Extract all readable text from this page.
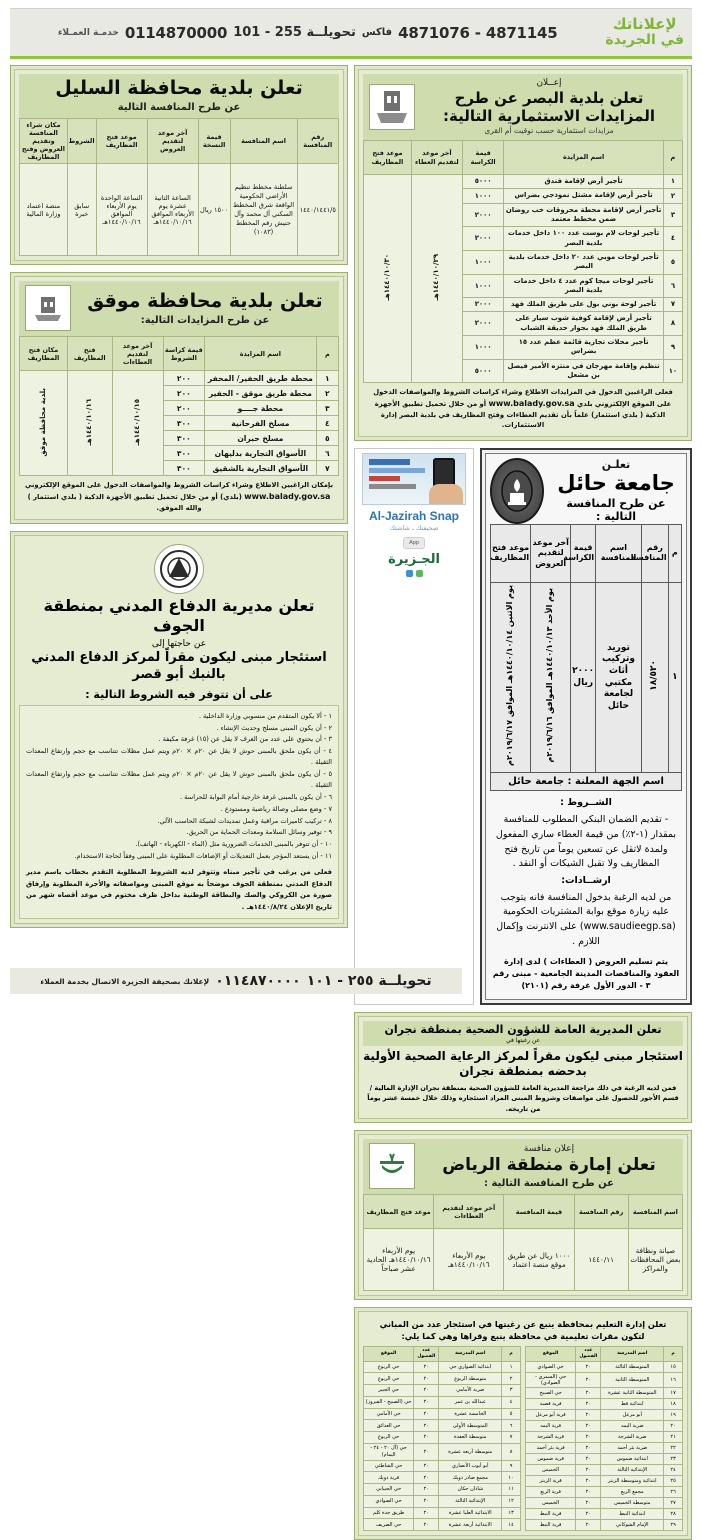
لإعلاناتك
في الجريدة
4871145 - 4871076
فاكس
تحويلــة 255 - 101
0114870000
خدمـة العمـلاء
تعلن بلدية محافظة السليل
عن طرح المنافسة التالية
رقم المنافسة	اسم المنافسة	قيمة النسخة	آخر موعد لتقديم العروض	موعد فتح المظاريف	الشروط	مكان شراء المنافسة وتقديم العروض وفتح المظاريف
١٤٤٠/١٤٤١/٥	سلطنة مخطط تنظيم الأراضي الحكومية الواقعة شرق المخطط السكني آل محمد وآل حنيش رقم المخطط (١٠٨٣)	١٥٠٠ ريال	الساعة الثانية عشرة يوم الأربعاء الموافق ١٤٤٠/١٠/١٦هـ	الساعة الواحدة يوم الأربعاء الموافق ١٤٤٠/١٠/١٦هـ	سابق خبرة	منصة اعتماد وزارة المالية
تعلن بلدية محافظة موقق
عن طرح المزايدات التالية:
م	اسم المزايدة	قيمة كراسة الشروط	آخر موعد لتقديم العطاءات	فتح المظاريف	مكان فتح المظاريف
١	محطة طريق الحفير/ المحفر	٢٠٠	١٤٤٠/١٠/١٥هـ	١٤٤٠/١٠/١٦هـ	بلدية محافظة موقق
٢	محطة طريق موقق - الحفير	٢٠٠			
٣	محطة جــــو	٢٠٠			
٤	مسلخ الفرحانية	٣٠٠			
٥	مسلخ حبران	٣٠٠			
٦	الأسواق التجارية بدليهان	٣٠٠			
٧	الأسواق التجارية بالشقيق	٣٠٠			
بإمكان الراغبين الاطلاع وشراء كراسات الشروط والمواصفات الدخول على الموقع الإلكتروني www.balady.gov.sa (بلدي) أو من خلال تحميل تطبيق الأجهزة الذكية ( بلدي استثمار ) والله الموفق.
تعلن مديرية الدفاع المدني بمنطقة الجوف
عن حاجتها إلى
استئجار مبنى ليكون مقراً لمركز الدفاع المدني بالنبك أبو قصر
على أن تتوفر فيه الشروط التالية :
١ - ألا يكون المتقدم من منسوبي وزارة الداخلية .
٢ - أن يكون المبنى مسلح وحديث الإنشاء .
٣ - أن يحتوي على عدد من الغرف لا يقل عن (١٥) غرفة مكيفة .
٤ - أن يكون ملحق بالمبنى حوش لا يقل عن ٢٠م × ٢٠م ويتم عمل مظلات تتناسب مع حجم وارتفاع المعدات الثقيلة .
٥ - أن يكون ملحق بالمبنى حوش لا يقل عن ٢٠م × ٢٠م ويتم عمل مظلات تتناسب مع حجم وارتفاع المعدات الثقيلة .
٦ - أن يكون بالمبنى غرفة خارجية أمام البوابة للحراسة .
٧ - وضع مصلى وصالة رياضية ومستودع .
٨ - تركيب كاميرات مراقبة وعمل تمديدات لشبكة الحاسب الآلي.
٩ - توفير وسائل السلامة ومعدات الحماية من الحريق.
١٠ - أن تتوفر بالمبنى الخدمات الضرورية مثل (الماء - الكهرباء - الهاتف).
١١ - أن يستعد المؤجر بعمل التعديلات أو الإضافات المطلوبة على المبنى وفقاً لحاجة الاستخدام.
فعلى من يرغب في تأجير مبناه وتتوفر لديه الشروط المطلوبة التقدم بخطاب باسم مدير الدفاع المدني بمنطقة الجوف موضحاً به موقع المبنى ومواصفاته والأجرة المطلوبة وإرفاق صورة من الكروكي والصك والبطاقة الوطنية بداخل ظرف مختوم في موعد أقصاه شهر من تاريخ الإعلان ١٤٤٠/٨/٢٤هـ .
إعــلان
تعلن بلدية البصر عن طرح المزايدات الاستثمارية التالية:
مزايدات استثمارية حسب توقيت أم القرى
م	اسم المزايدة	قيمة الكراسة	آخر موعد لتقديم العطاء	موعد فتح المظاريف
١	تأجير أرض لإقامة فندق	٥٠٠٠	١٤٤٠/١٠/٢٩هـ	١٤٤٠/١٠/٣٠هـ
٢	تأجير أرض لإقامة مشتل نموذجي بضراس	١٠٠٠		
٣	تأجير أرض لإقامة محطة محروقات خب روضان ضمن مخطط معتمد	٢٠٠٠		
٤	تأجير لوحات لام بوست عدد ١٠٠ داخل خدمات بلدية البصر	٢٠٠٠		
٥	تأجير لوحات موبي عدد ٢٠ داخل خدمات بلدية البصر	١٠٠٠		
٦	تأجير لوحات ميجا كوم عدد ٤ داخل خدمات بلدية البصر	١٠٠٠		
٧	تأجير لوحة بوني بول على طريق الملك فهد	٢٠٠٠		
٨	تأجير أرض لإقامة كوفية شوب سيار على طريق الملك فهد بجوار حديقة الشباب	٢٠٠٠		
٩	تأجير محلات تجارية قائمة عظم عدد ١٥ بضراس	١٠٠٠		
١٠	تنظيم وإقامة مهرجان في منتزه الأمير فيصل بن مشعل	٥٠٠٠		
فعلى الراغبين الدخول في المزايدات الاطلاع وشراء كراسات الشروط والمواصفات الدخول على الموقع الإلكتروني بلدي www.balady.gov.sa أو من خلال تحميل تطبيق الأجهزة الذكية ( بلدي استثمار) علماً بأن تقديم العطاءات وفتح المظاريف في بلدية البصر إدارة الاستثمارات.
Al-Jazirah Snap
صحيفتك ـ شاشتك
App
الجـزيرة
تعلـن
جامعة حائل
عن طرح المنافسة التالية :
م	رقم المنافسة	اسم المنافسة	قيمة الكراسة	آخر موعد لتقديم العروض	موعد فتح المظاريف
١	١٨/٥٢٠	توريد وتركيب أثاث مكتبي لجامعة حائل	٢٠٠٠ ريال	يوم الأحد ١٤٤٠/١٠/١٣هـ الموافق ٢٠١٩/٦/١٦م	يوم الاثنين ١٤٤٠/١٠/١٤هـ الموافق ٢٠١٩/٦/١٧م
اسم الجهة المعلنة : جامعة حائل

الشــروط :

- تقديم الضمان البنكي المطلوب للمنافسة بمقدار (١-٢٪) من قيمة العطاء ساري المفعول ولمدة لاتقل عن تسعين يوماً من تاريخ فتح المظاريف ولا تقبل الشيكات أو النقد .

ارشــادات:

من لديه الرغبة بدخول المنافسة فانه يتوجب عليه زيارة موقع بوابة المشتريات الحكومية (www.saudieegp.sa) على الانترنت وإكمال اللازم .

يتم تسليم العروض ( العطاءات ) لدى إدارة العقود والمناقصات المدينة الجامعية - مبنى رقم ٣ - الدور الأول غرفة رقم (٢١٠١)
تعلن المديرية العامة للشؤون الصحية بمنطقة نجران
عن رغبتها في
استئجار مبنى ليكون مقراً لمركز الرعاية الصحية الأولية بدحضه بمنطقة نجران
فمن لديه الرغبة في ذلك مراجعة المديرية العامة للشؤون الصحية بمنطقة نجران الإدارة المالية / قسم الأجور للحصول على مواصفات وشروط المبنى المراد استئجاره وذلك خلال خمسة عشر يوماً من تاريخه.
إعلان منافسة
تعلن إمارة منطقة الرياض
عن طرح المنافسة التالية :
اسم المنافسة	رقم المنافسة	قيمة المنافسة	آخر موعد لتقديم العطاءات	موعد فتح المظاريف
صيانة ونظافة بعض المحافظات والمراكز	١٤٤٠/١١	١٠٠٠ ريال عن طريق موقع منصة اعتماد	يوم الأربعاء ١٤٤٠/١٠/١٦هـ	يوم الأربعاء ١٤٤٠/١٠/١٦هـ الحادية عشر صباحاً
تعلن إدارة التعليم بمحافظة ينبع عن رغبتها في استئجار عدد من المباني لتكون مقرات تعليمية في محافظة ينبع وقراها وهي كما يلي:
م	اسم المدرسة	عدد الفصول	الموقع
١	ابتدائية الصواري حي	٢٠	حي الربوع
٢	متوسطة الربوع	٢٠	حي الربوع
٣	ضربة الأمامي	٢٠	حي الجبير
٤	عبدالله بن عمر	٢٠	حي (الصبيخ - الفيروز)
٥	الخامسة عشرة	٢٠	حي الأمامي
٦	المتوسطة الأولى	٢٠	حي العدائق
٧	متوسطة العقدة	٢٠	حي الربوع
٨	متوسطة أربعة عشرة	٢٠	حي (آل ٢٠ - ٢٤ - اليمام)
٩	أبو أيوب الأنصاري	٢٠	حي الشاطئي
١٠	مجمع صادر دويك	٢٠	قرية دويك
١١	شاذان حكان	٢٠	حي الجبيابي
١٢	الإبتدائية الثالثة	٢٠	حي الصوادي
١٣	الابتدائية العليا عشرة	٢٠	طريق جدة كلم
١٤	الابتدائية أربعة عشرة	٢٠	حي الصريف
م	اسم المدرسة	عدد الفصول	الموقع
١٥	المتوسطة الثالثة	٢٠	حي الصوادي
١٦	المتوسطة الثانية	٢٠	حي (السمري - الصوادي)
١٧	المتوسطة الثانية عشرة	٢٠	حي الصبيخ
١٨	ابتدائية قط	٢٠	قرية قصبة
١٩	أبو مرعل	٢٠	قرية أبو مرعل
٢٠	ضربة اليمه	٢٠	قرية اليمه
٢١	ضربة الشرجة	٢٠	قرية الشرجة
٢٢	ضربة بئر أحمد	٢٠	قرية بئر أحمد
٢٣	ابتدائية ضموس	٢٠	قرية ضموس
٢٤	الإبتدائية الثالثة	٢٠	الخميس
٢٥	ابتدائية ومتوسطة الزيتر	٢٠	قرية الزيتر
٢٦	مجمع الربع	٢٠	قرية الربع
٢٧	متوسطة الخميس	٢٠	الخميس
٢٨	ابتدائية النبط	٢٠	قرية النبط
٢٩	الإمام الشوكاني	٢٠	قرية النبط
تحويلــة ٢٥٥ - ١٠١
٠١١٤٨٧٠٠٠٠
لإعلانك بصحيفة الجزيرة الاتصال بخدمة العملاء
